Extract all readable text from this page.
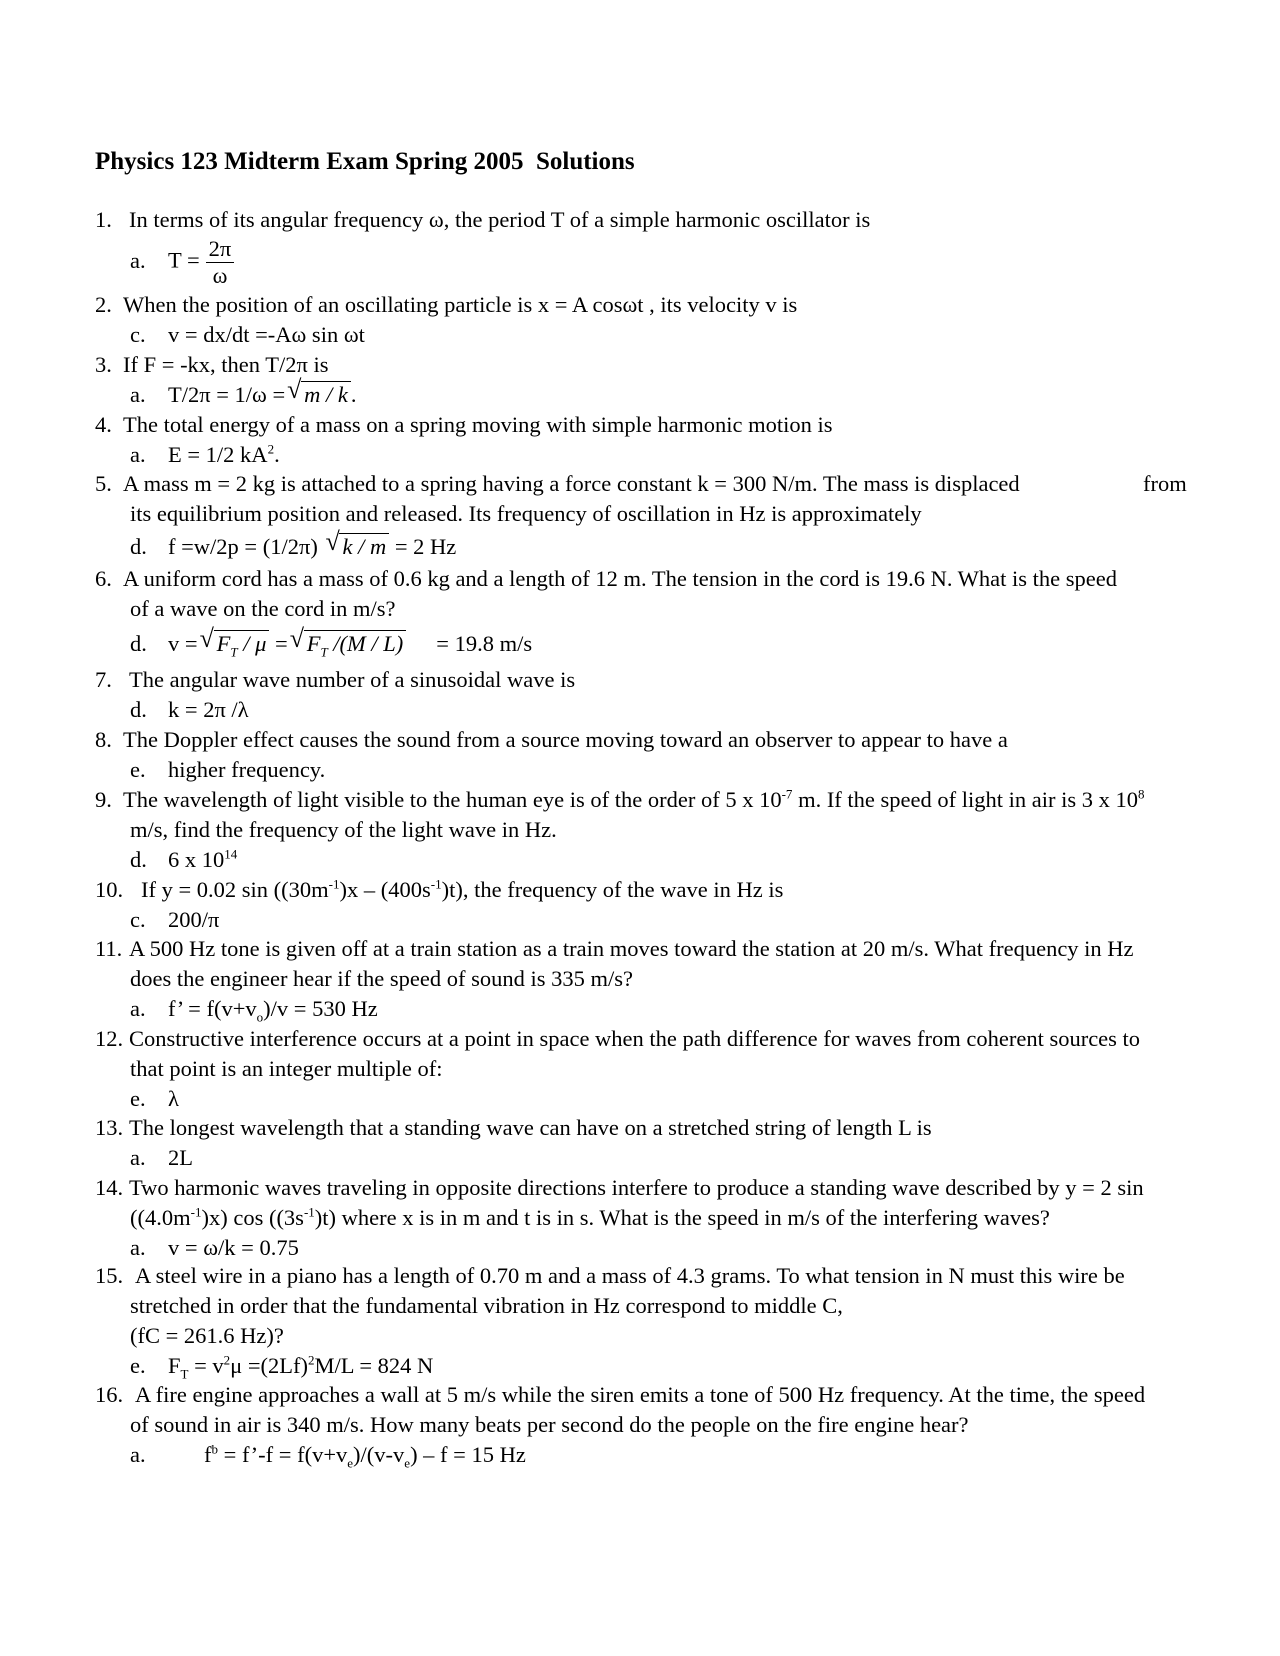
Physics 123 Midterm Exam Spring 2005  Solutions
1. In terms of its angular frequency ω, the period T of a simple harmonic oscillator is
a. $T = \frac{2\pi}{\omega}$
2. When the position of an oscillating particle is x = A cosωt , its velocity v is
c. v = dx/dt =-Aω sin ωt
3. If F = -kx, then T/2π is
a. T/2π = 1/ω = √ m / k .
4. The total energy of a mass on a spring moving with simple harmonic motion is
a. E = 1/2 $kA^2$.
5. A mass m = 2 kg is attached to a spring having a force constant k = 300 N/m. The mass is displaced	from
its equilibrium position and released. Its frequency of oscillation in Hz is approximately
d. f =w/2p = (1/2π) √ k / m = 2 Hz
6. A uniform cord has a mass of 0.6 kg and a length of 12 m. The tension in the cord is 19.6 N. What is the speed
of a wave on the cord in m/s?
d. v = √ $F_T$ / μ = √ $F_T$ /(M / L) = 19.8 m/s
7. The angular wave number of a sinusoidal wave is
d. k = 2π /λ
8. The Doppler effect causes the sound from a source moving toward an observer to appear to have a
e. higher frequency.
9. The wavelength of light visible to the human eye is of the order of 5 x $10^{-7}$ m. If the speed of light in air is 3 x $10^8$
m/s, find the frequency of the light wave in Hz.
d. 6 x $10^{14}$
10. If y = 0.02 $\sin ((30m^{-1})x - (400s^{-1})t)$, the frequency of the wave in Hz is
c. 200/π
11. A 500 Hz tone is given off at a train station as a train moves toward the station at 20 m/s. What frequency in Hz
does the engineer hear if the speed of sound is 335 m/s?
a. f’ = $f(v+v_o)/v = 530$ Hz
12. Constructive interference occurs at a point in space when the path difference for waves from coherent sources to
that point is an integer multiple of:
e. λ
13. The longest wavelength that a standing wave can have on a stretched string of length L is
a. 2L
14. Two harmonic waves traveling in opposite directions interfere to produce a standing wave described by y = 2 sin
$((4.0m^{-1})x)$ $\cos ((3s^{-1})t)$ where x is in m and t is in s. What is the speed in m/s of the interfering waves?
a. v = ω/k = 0.75
15. A steel wire in a piano has a length of 0.70 m and a mass of 4.3 grams. To what tension in N must this wire be
stretched in order that the fundamental vibration in Hz correspond to middle C,
(fC = 261.6 Hz)?
e. $F_T = v^2\mu =(2Lf)^2M/L = 824$ N
16. A fire engine approaches a wall at 5 m/s while the siren emits a tone of 500 Hz frequency. At the time, the speed
of sound in air is 340 m/s. How many beats per second do the people on the fire engine hear?
a.	$f^b$ = f’-f = $f(v+v_e)/(v-v_e) - f = 15$ Hz
